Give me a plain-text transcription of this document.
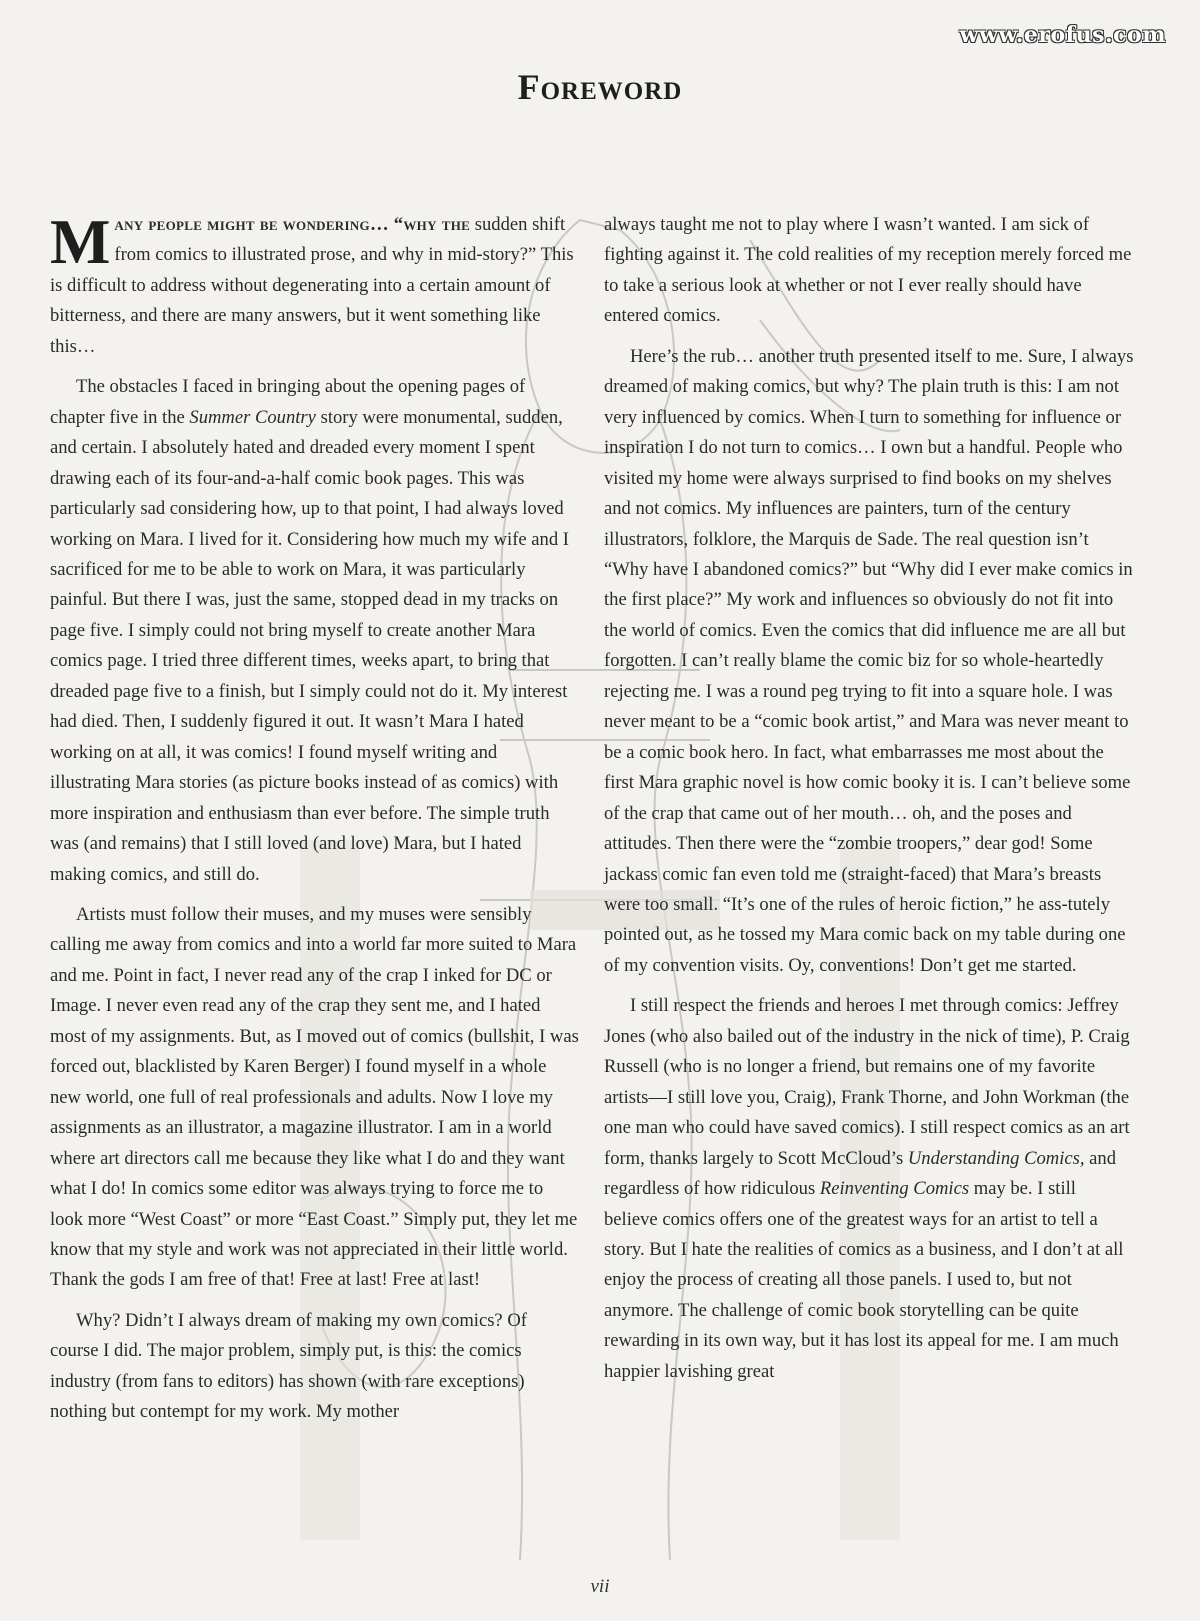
www.erofus.com
Foreword

Many people might be wondering… “why the sudden shift from comics to illustrated prose, and why in mid-story?” This is difficult to address without degenerating into a certain amount of bitterness, and there are many answers, but it went something like this…

The obstacles I faced in bringing about the opening pages of chapter five in the Summer Country story were monumental, sudden, and certain. I absolutely hated and dreaded every moment I spent drawing each of its four-and-a-half comic book pages. This was particularly sad considering how, up to that point, I had always loved working on Mara. I lived for it. Considering how much my wife and I sacrificed for me to be able to work on Mara, it was particularly painful. But there I was, just the same, stopped dead in my tracks on page five. I simply could not bring myself to create another Mara comics page. I tried three different times, weeks apart, to bring that dreaded page five to a finish, but I simply could not do it. My interest had died. Then, I suddenly figured it out. It wasn’t Mara I hated working on at all, it was comics! I found myself writing and illustrating Mara stories (as picture books instead of as comics) with more inspiration and enthusiasm than ever before. The simple truth was (and remains) that I still loved (and love) Mara, but I hated making comics, and still do.

Artists must follow their muses, and my muses were sensibly calling me away from comics and into a world far more suited to Mara and me. Point in fact, I never read any of the crap I inked for DC or Image. I never even read any of the crap they sent me, and I hated most of my assignments. But, as I moved out of comics (bullshit, I was forced out, blacklisted by Karen Berger) I found myself in a whole new world, one full of real professionals and adults. Now I love my assignments as an illustrator, a magazine illustrator. I am in a world where art directors call me because they like what I do and they want what I do! In comics some editor was always trying to force me to look more “West Coast” or more “East Coast.” Simply put, they let me know that my style and work was not appreciated in their little world. Thank the gods I am free of that! Free at last! Free at last!

Why? Didn’t I always dream of making my own comics? Of course I did. The major problem, simply put, is this: the comics industry (from fans to editors) has shown (with rare exceptions) nothing but contempt for my work. My mother

always taught me not to play where I wasn’t wanted. I am sick of fighting against it. The cold realities of my reception merely forced me to take a serious look at whether or not I ever really should have entered comics.

Here’s the rub… another truth presented itself to me. Sure, I always dreamed of making comics, but why? The plain truth is this: I am not very influenced by comics. When I turn to something for influence or inspiration I do not turn to comics… I own but a handful. People who visited my home were always surprised to find books on my shelves and not comics. My influences are painters, turn of the century illustrators, folklore, the Marquis de Sade. The real question isn’t “Why have I abandoned comics?” but “Why did I ever make comics in the first place?” My work and influences so obviously do not fit into the world of comics. Even the comics that did influence me are all but forgotten. I can’t really blame the comic biz for so whole-heartedly rejecting me. I was a round peg trying to fit into a square hole. I was never meant to be a “comic book artist,” and Mara was never meant to be a comic book hero. In fact, what embarrasses me most about the first Mara graphic novel is how comic booky it is. I can’t believe some of the crap that came out of her mouth… oh, and the poses and attitudes. Then there were the “zombie troopers,” dear god! Some jackass comic fan even told me (straight-faced) that Mara’s breasts were too small. “It’s one of the rules of heroic fiction,” he ass-tutely pointed out, as he tossed my Mara comic back on my table during one of my convention visits. Oy, conventions! Don’t get me started.

I still respect the friends and heroes I met through comics: Jeffrey Jones (who also bailed out of the industry in the nick of time), P. Craig Russell (who is no longer a friend, but remains one of my favorite artists—I still love you, Craig), Frank Thorne, and John Workman (the one man who could have saved comics). I still respect comics as an art form, thanks largely to Scott McCloud’s Understanding Comics, and regardless of how ridiculous Reinventing Comics may be. I still believe comics offers one of the greatest ways for an artist to tell a story. But I hate the realities of comics as a business, and I don’t at all enjoy the process of creating all those panels. I used to, but not anymore. The challenge of comic book storytelling can be quite rewarding in its own way, but it has lost its appeal for me. I am much happier lavishing great

vii
